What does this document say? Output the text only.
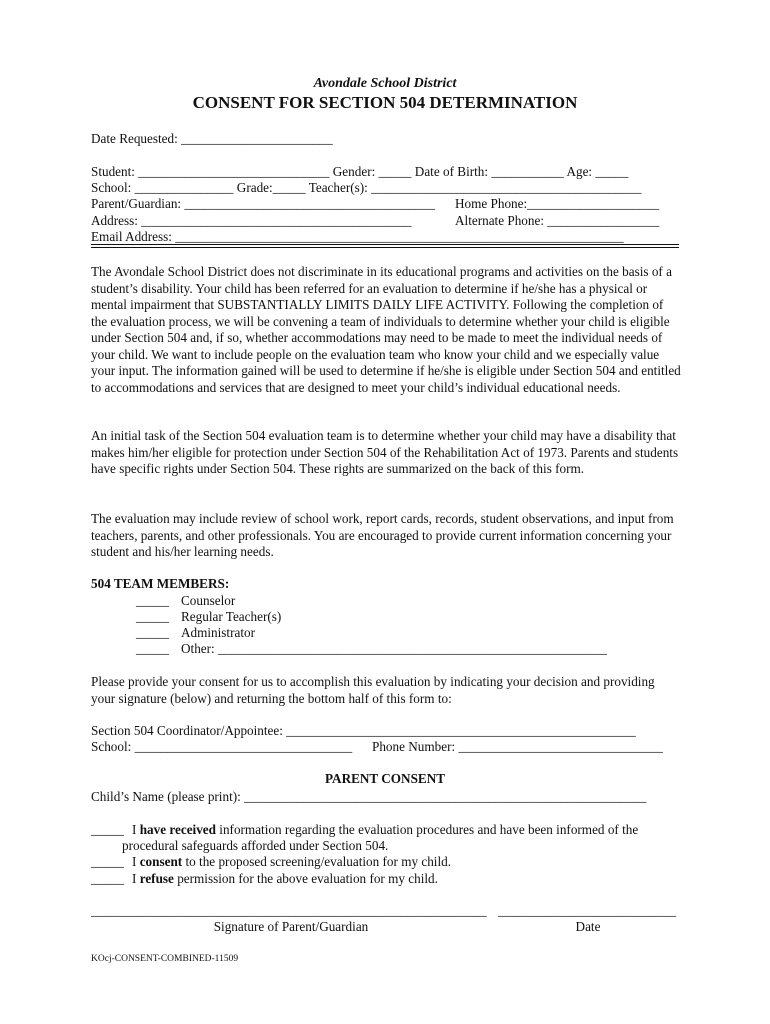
Avondale School District
CONSENT FOR SECTION 504 DETERMINATION
Date Requested: _______________________
Student: _____________________________ Gender: _____ Date of Birth: ___________ Age: _____
School: _______________ Grade:_____ Teacher(s): _________________________________________
Parent/Guardian: ______________________________________ Home Phone:____________________
Address: _________________________________________	Alternate Phone: _________________
Email Address: ____________________________________________________________________
The Avondale School District does not discriminate in its educational programs and activities on the basis of a student’s disability. Your child has been referred for an evaluation to determine if he/she has a physical or mental impairment that SUBSTANTIALLY LIMITS DAILY LIFE ACTIVITY. Following the completion of the evaluation process, we will be convening a team of individuals to determine whether your child is eligible under Section 504 and, if so, whether accommodations may need to be made to meet the individual needs of your child. We want to include people on the evaluation team who know your child and we especially value your input. The information gained will be used to determine if he/she is eligible under Section 504 and entitled to accommodations and services that are designed to meet your child’s individual educational needs.
An initial task of the Section 504 evaluation team is to determine whether your child may have a disability that makes him/her eligible for protection under Section 504 of the Rehabilitation Act of 1973. Parents and students have specific rights under Section 504. These rights are summarized on the back of this form.
The evaluation may include review of school work, report cards, records, student observations, and input from teachers, parents, and other professionals. You are encouraged to provide current information concerning your student and his/her learning needs.
504 TEAM MEMBERS:
_____ Counselor
_____ Regular Teacher(s)
_____ Administrator
_____ Other: ___________________________________________________________
Please provide your consent for us to accomplish this evaluation by indicating your decision and providing your signature (below) and returning the bottom half of this form to:
Section 504 Coordinator/Appointee: _____________________________________________________
School: _________________________________ Phone Number: _______________________________
PARENT CONSENT
Child’s Name (please print): _____________________________________________________________
_____ I have received information regarding the evaluation procedures and have been informed of the
procedural safeguards afforded under Section 504.
_____ I consent to the proposed screening/evaluation for my child.
_____ I refuse permission for the above evaluation for my child.
____________________________________________________________ ___________________________
Signature of Parent/Guardian	Date
KOcj-CONSENT-COMBINED-11509
